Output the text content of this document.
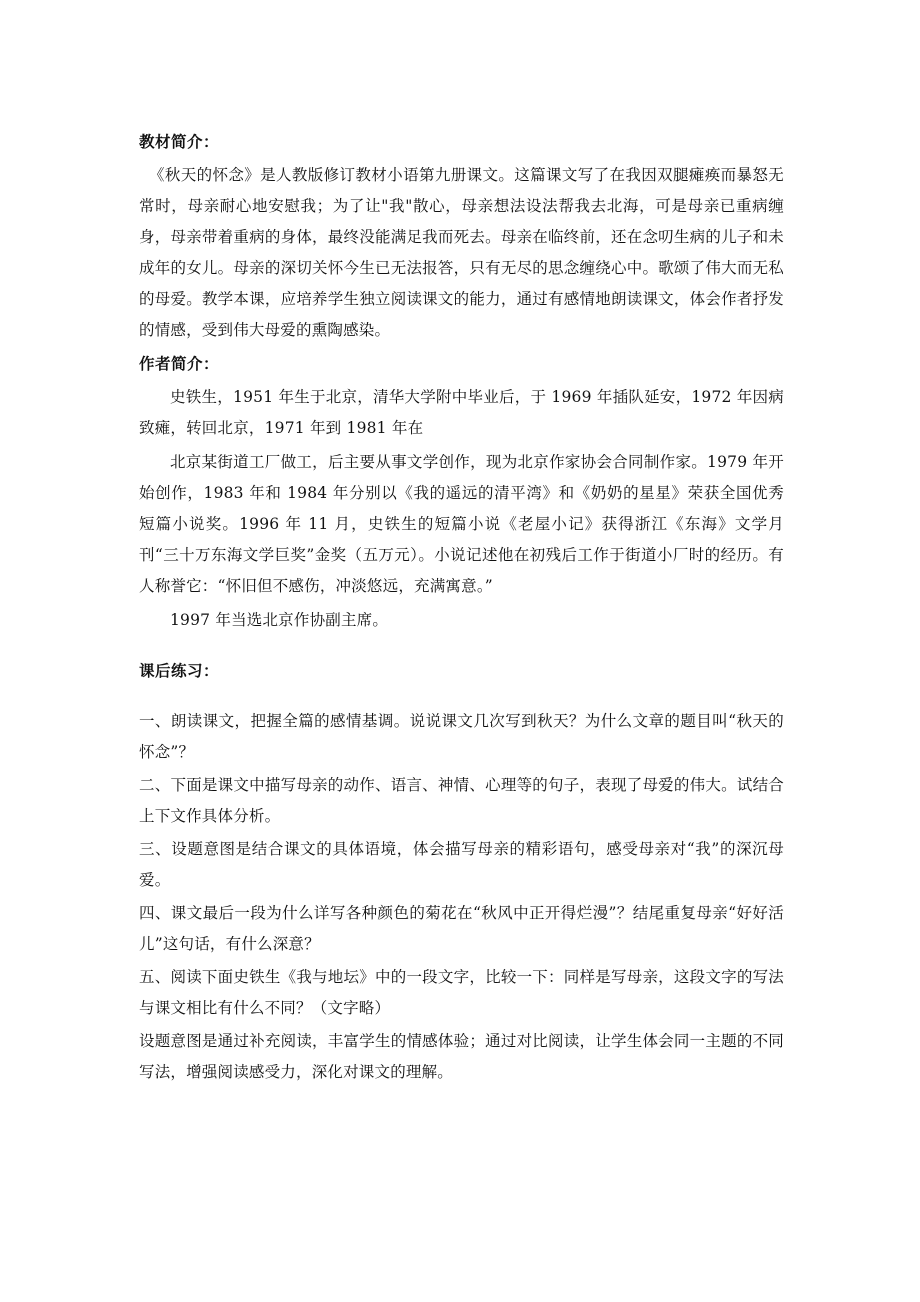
教材简介：

《秋天的怀念》是人教版修订教材小语第九册课文。这篇课文写了在我因双腿瘫痪而暴怒无常时，母亲耐心地安慰我；为了让"我"散心，母亲想法设法帮我去北海，可是母亲已重病缠身，母亲带着重病的身体，最终没能满足我而死去。母亲在临终前，还在念叨生病的儿子和未成年的女儿。母亲的深切关怀今生已无法报答，只有无尽的思念缠绕心中。歌颂了伟大而无私的母爱。教学本课，应培养学生独立阅读课文的能力，通过有感情地朗读课文，体会作者抒发的情感，受到伟大母爱的熏陶感染。

作者简介：

史铁生，1951 年生于北京，清华大学附中毕业后，于 1969 年插队延安，1972 年因病致瘫，转回北京，1971 年到 1981 年在

北京某街道工厂做工，后主要从事文学创作，现为北京作家协会合同制作家。1979 年开始创作，1983 年和 1984 年分别以《我的遥远的清平湾》和《奶奶的星星》荣获全国优秀短篇小说奖。1996 年 11 月，史铁生的短篇小说《老屋小记》获得浙江《东海》文学月刊“三十万东海文学巨奖”金奖（五万元）。小说记述他在初残后工作于街道小厂时的经历。有人称誉它：“怀旧但不感伤，冲淡悠远，充满寓意。”

1997 年当选北京作协副主席。

课后练习：

一、朗读课文，把握全篇的感情基调。说说课文几次写到秋天？为什么文章的题目叫“秋天的怀念”？

二、下面是课文中描写母亲的动作、语言、神情、心理等的句子，表现了母爱的伟大。试结合上下文作具体分析。

三、设题意图是结合课文的具体语境，体会描写母亲的精彩语句，感受母亲对“我”的深沉母爱。

四、课文最后一段为什么详写各种颜色的菊花在“秋风中正开得烂漫”？结尾重复母亲“好好活儿”这句话，有什么深意？

五、阅读下面史铁生《我与地坛》中的一段文字，比较一下：同样是写母亲，这段文字的写法与课文相比有什么不同？（文字略）

设题意图是通过补充阅读，丰富学生的情感体验；通过对比阅读，让学生体会同一主题的不同写法，增强阅读感受力，深化对课文的理解。
